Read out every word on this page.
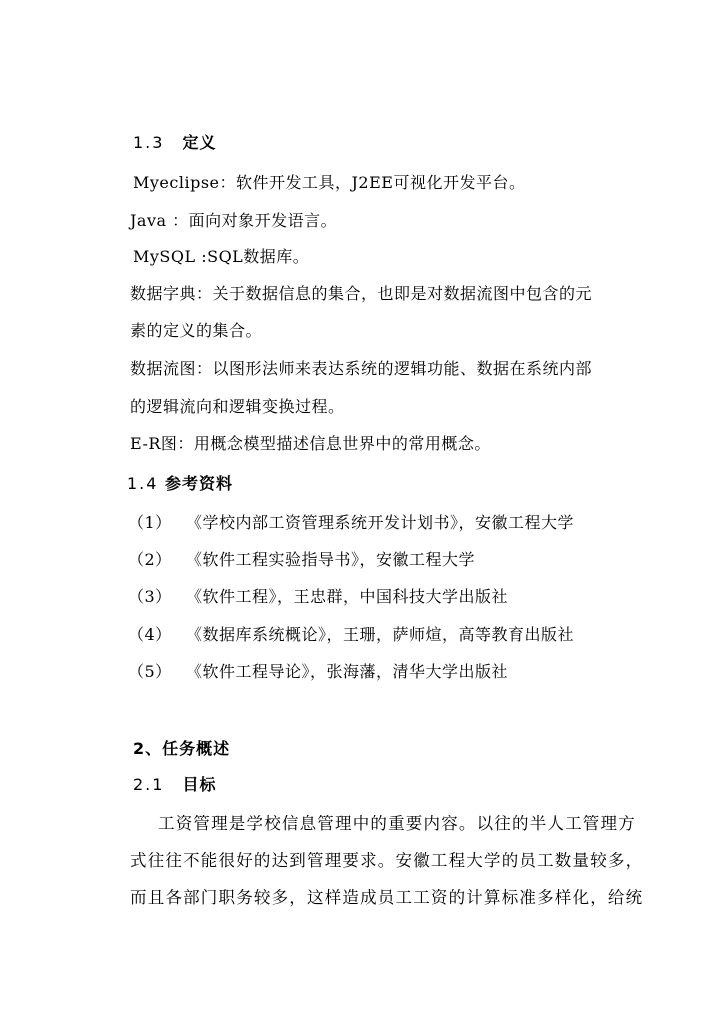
1.3 定义
Myeclipse：软件开发工具，J2EE可视化开发平台。
Java ：面向对象开发语言。
MySQL :SQL数据库。
数据字典：关于数据信息的集合，也即是对数据流图中包含的元
素的定义的集合。
数据流图：以图形法师来表达系统的逻辑功能、数据在系统内部
的逻辑流向和逻辑变换过程。
E-R图：用概念模型描述信息世界中的常用概念。
1.4 参考资料
（1） 《学校内部工资管理系统开发计划书》，安徽工程大学
（2） 《软件工程实验指导书》，安徽工程大学
（3） 《软件工程》，王忠群，中国科技大学出版社
（4） 《数据库系统概论》，王珊，萨师煊，高等教育出版社
（5） 《软件工程导论》，张海藩，清华大学出版社
2、任务概述
2.1 目标
工资管理是学校信息管理中的重要内容。以往的半人工管理方
式往往不能很好的达到管理要求。安徽工程大学的员工数量较多，
而且各部门职务较多，这样造成员工工资的计算标准多样化，给统
